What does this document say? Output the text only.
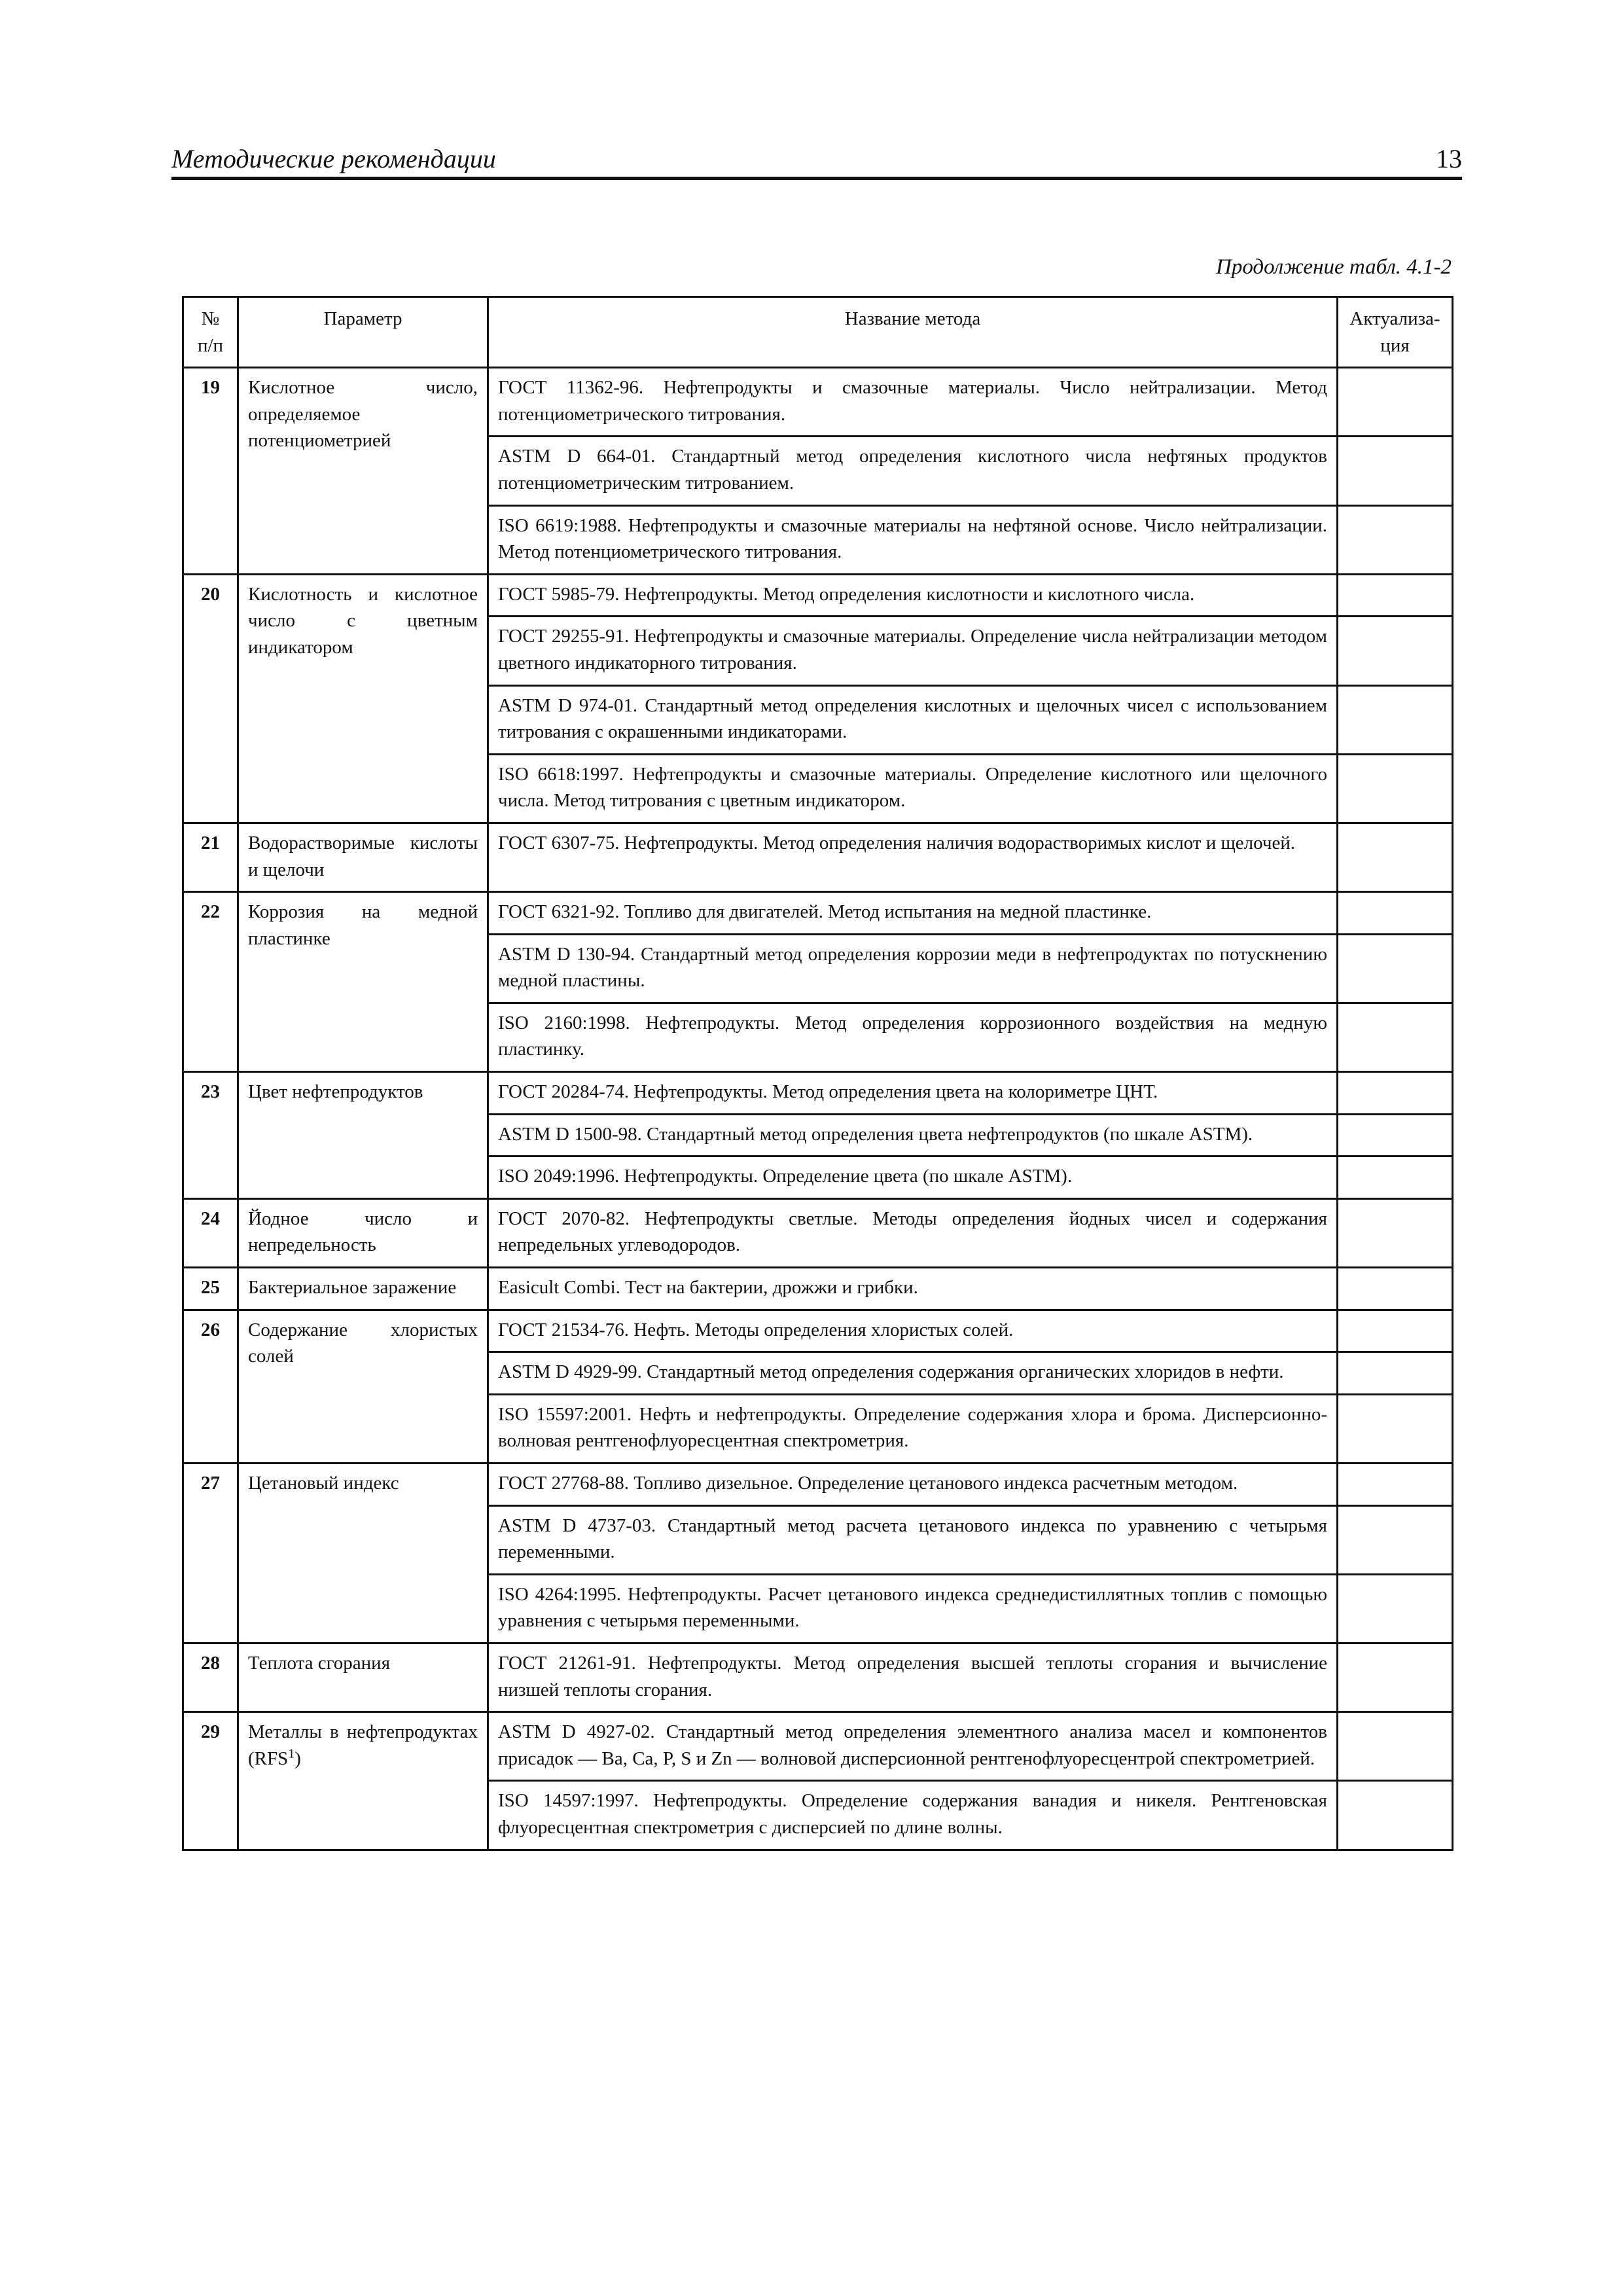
Методические рекомендации	13
Продолжение табл. 4.1-2
№ п/п	Параметр	Название метода	Актуализа- ция
19	Кислотное число, определяемое потенциометрией	ГОСТ 11362-96. Нефтепродукты и смазочные материалы. Число нейтрализации. Метод потенциометрического титрования.	
		ASTM D 664-01. Стандартный метод определения кислотного числа нефтяных продуктов потенциометрическим титрованием.	
		ISO 6619:1988. Нефтепродукты и смазочные материалы на нефтяной основе. Число нейтрализации. Метод потенциометрического титрования.	
20	Кислотность и кислотное число с цветным индикатором	ГОСТ 5985-79. Нефтепродукты. Метод определения кислотности и кислотного числа.	
		ГОСТ 29255-91. Нефтепродукты и смазочные материалы. Определение числа нейтрализации методом цветного индикаторного титрования.	
		ASTM D 974-01. Стандартный метод определения кислотных и щелочных чисел с использованием титрования с окрашенными индикаторами.	
		ISO 6618:1997. Нефтепродукты и смазочные материалы. Определение кислотного или щелочного числа. Метод титрования с цветным индикатором.	
21	Водорастворимые кислоты и щелочи	ГОСТ 6307-75. Нефтепродукты. Метод определения наличия водорастворимых кислот и щелочей.	
22	Коррозия на медной пластинке	ГОСТ 6321-92. Топливо для двигателей. Метод испытания на медной пластинке.	
		ASTM D 130-94. Стандартный метод определения коррозии меди в нефтепродуктах по потускнению медной пластины.	
		ISO 2160:1998. Нефтепродукты. Метод определения коррозионного воздействия на медную пластинку.	
23	Цвет нефтепродуктов	ГОСТ 20284-74. Нефтепродукты. Метод определения цвета на колориметре ЦНТ.	
		ASTM D 1500-98. Стандартный метод определения цвета нефтепродуктов (по шкале ASTM).	
		ISO 2049:1996. Нефтепродукты. Определение цвета (по шкале ASTM).	
24	Йодное число и непредельность	ГОСТ 2070-82. Нефтепродукты светлые. Методы определения йодных чисел и содержания непредельных углеводородов.	
25	Бактериальное заражение	Easicult Combi. Тест на бактерии, дрожжи и грибки.	
26	Содержание хлористых солей	ГОСТ 21534-76. Нефть. Методы определения хлористых солей.	
		ASTM D 4929-99. Стандартный метод определения содержания органических хлоридов в нефти.	
		ISO 15597:2001. Нефть и нефтепродукты. Определение содержания хлора и брома. Дисперсионно-волновая рентгенофлуоресцентная спектрометрия.	
27	Цетановый индекс	ГОСТ 27768-88. Топливо дизельное. Определение цетанового индекса расчетным методом.	
		ASTM D 4737-03. Стандартный метод расчета цетанового индекса по уравнению с четырьмя переменными.	
		ISO 4264:1995. Нефтепродукты. Расчет цетанового индекса среднедистиллятных топлив с помощью уравнения с четырьмя переменными.	
28	Теплота сгорания	ГОСТ 21261-91. Нефтепродукты. Метод определения высшей теплоты сгорания и вычисление низшей теплоты сгорания.	
29	Металлы в нефтепродуктах (RFS$^1$)	ASTM D 4927-02. Стандартный метод определения элементного анализа масел и компонентов присадок — Ba, Ca, P, S и Zn — волновой дисперсионной рентгенофлуоресцентрой спектрометрией.	
		ISO 14597:1997. Нефтепродукты. Определение содержания ванадия и никеля. Рентгеновская флуоресцентная спектрометрия с дисперсией по длине волны.	
